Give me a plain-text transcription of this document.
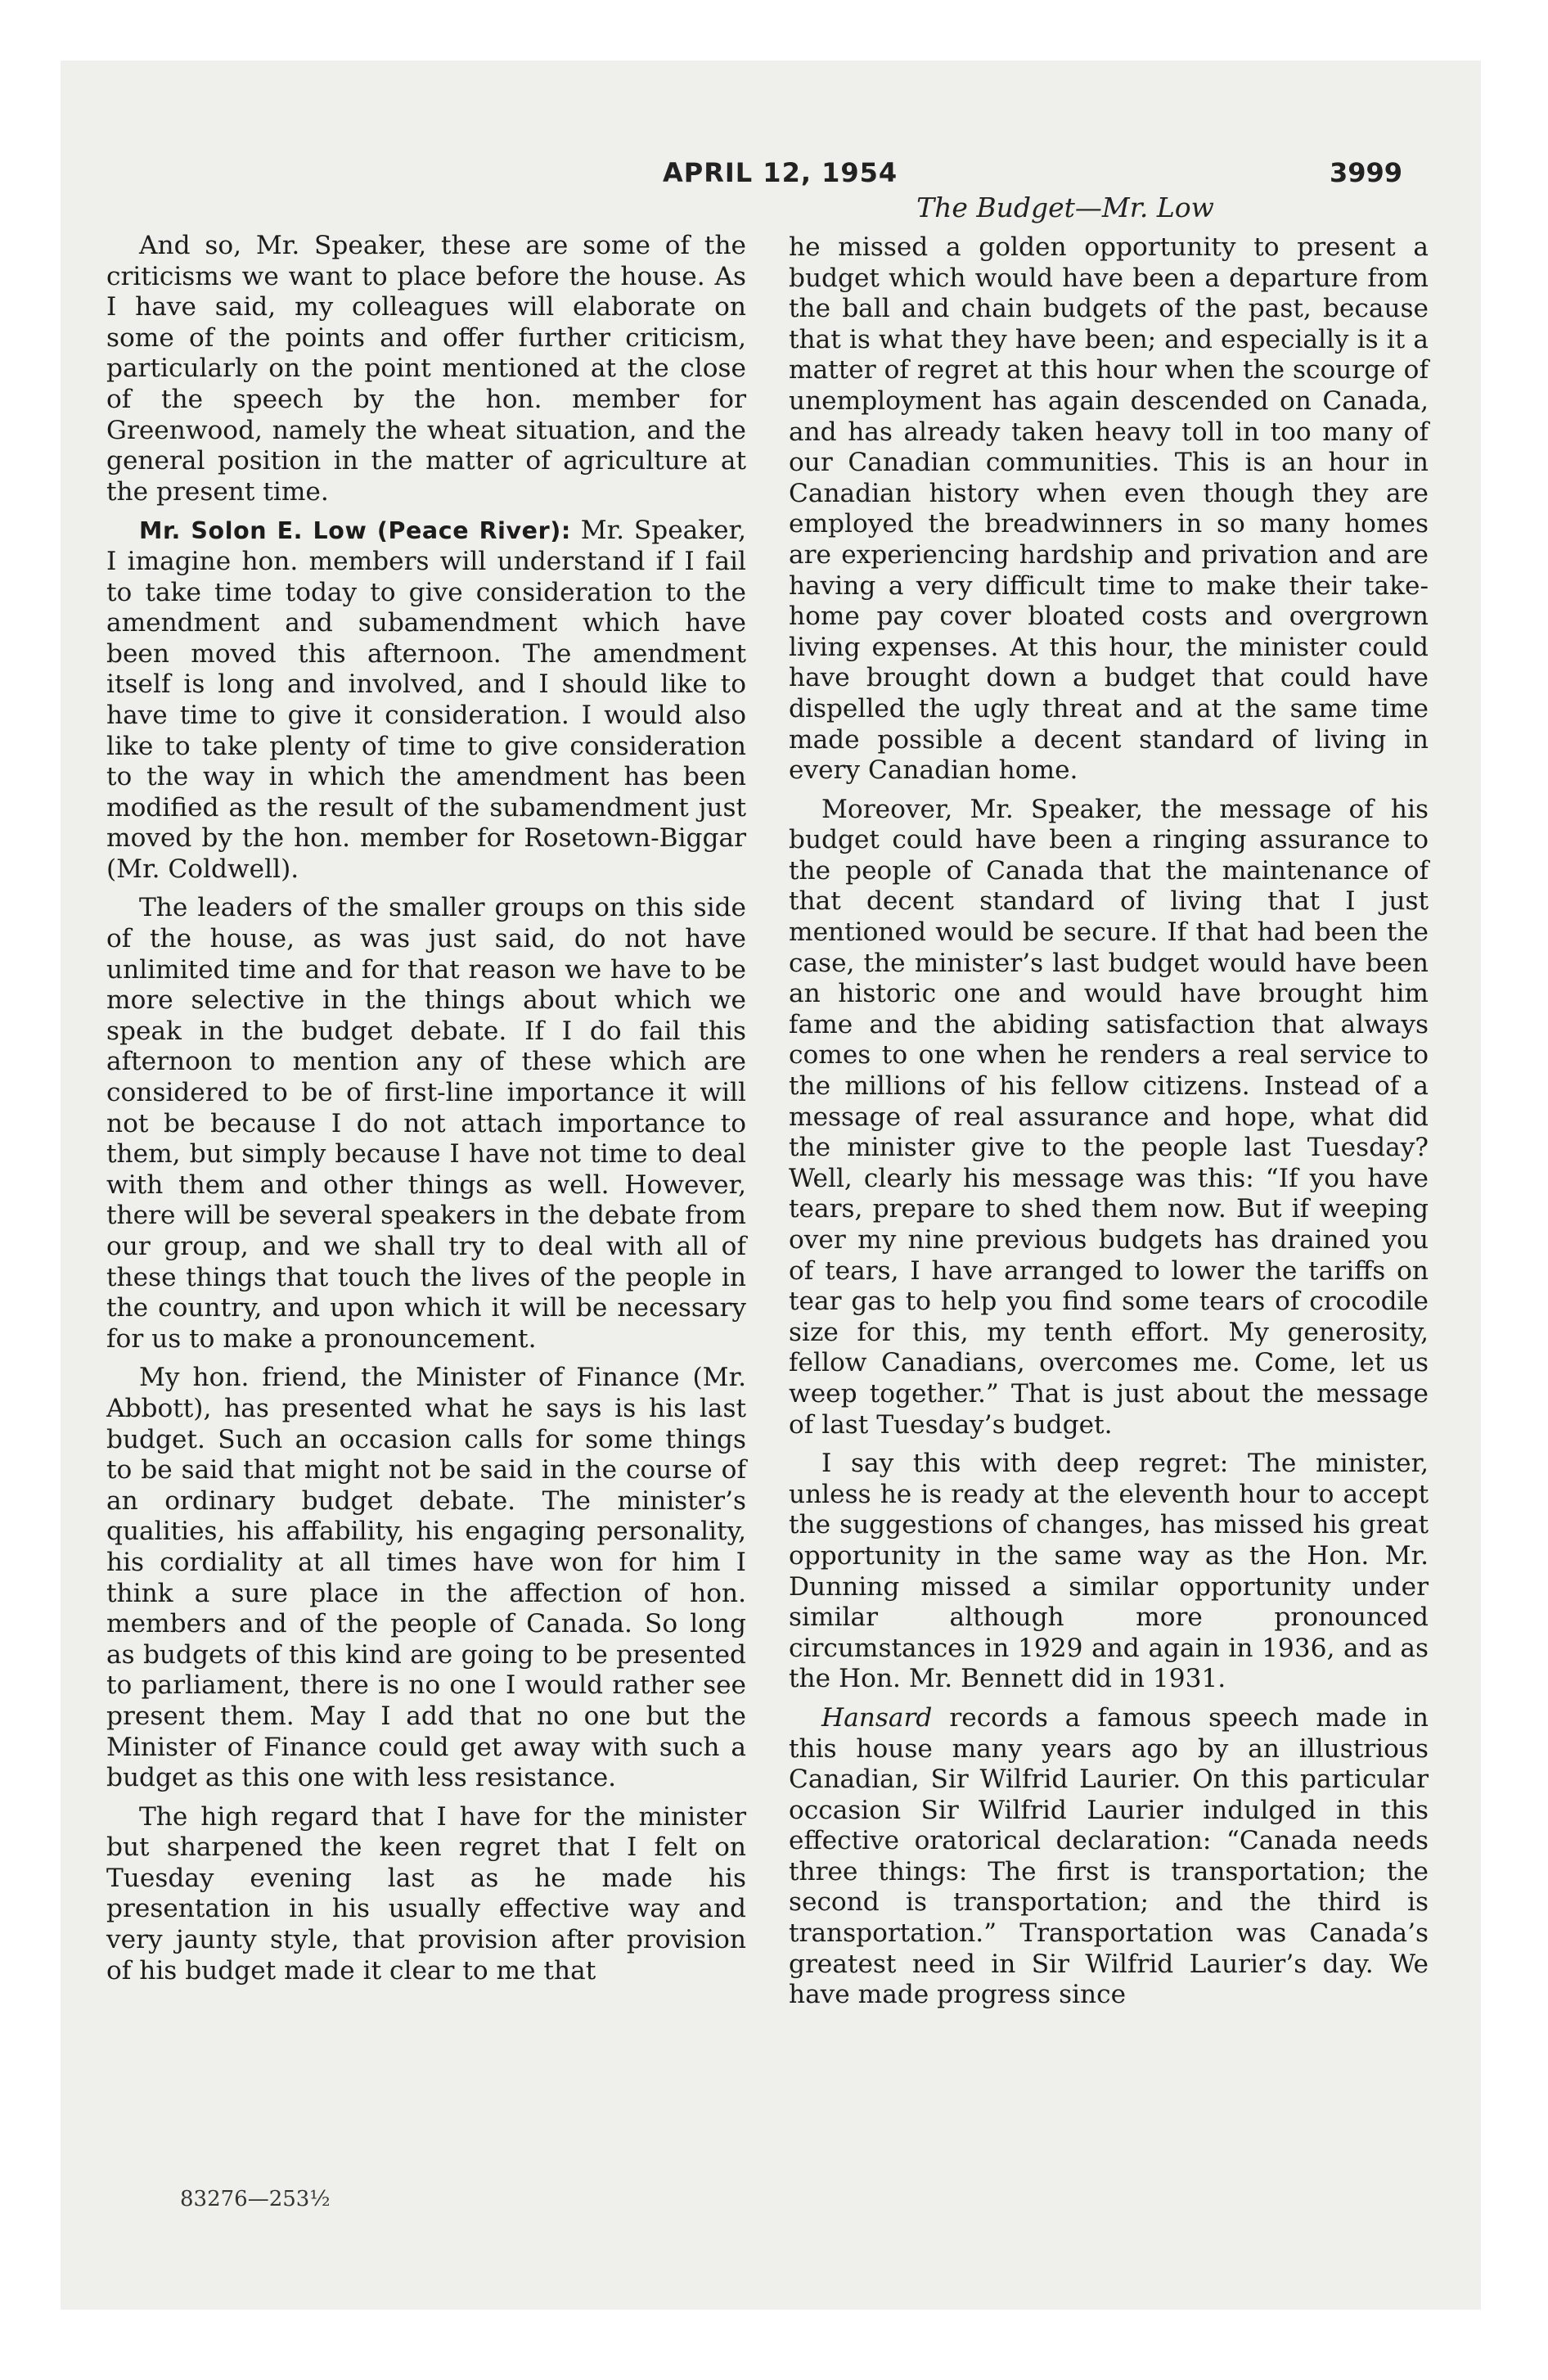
APRIL 12, 1954	3999
The Budget—Mr. Low

And so, Mr. Speaker, these are some of the criticisms we want to place before the house. As I have said, my colleagues will elaborate on some of the points and offer further criticism, particularly on the point mentioned at the close of the speech by the hon. member for Greenwood, namely the wheat situation, and the general position in the matter of agriculture at the present time.

Mr. Solon E. Low (Peace River): Mr. Speaker, I imagine hon. members will understand if I fail to take time today to give consideration to the amendment and subamendment which have been moved this afternoon. The amendment itself is long and involved, and I should like to have time to give it consideration. I would also like to take plenty of time to give consideration to the way in which the amendment has been modified as the result of the subamendment just moved by the hon. member for Rosetown-Biggar (Mr. Coldwell).

The leaders of the smaller groups on this side of the house, as was just said, do not have unlimited time and for that reason we have to be more selective in the things about which we speak in the budget debate. If I do fail this afternoon to mention any of these which are considered to be of first-line importance it will not be because I do not attach importance to them, but simply because I have not time to deal with them and other things as well. However, there will be several speakers in the debate from our group, and we shall try to deal with all of these things that touch the lives of the people in the country, and upon which it will be necessary for us to make a pronouncement.

My hon. friend, the Minister of Finance (Mr. Abbott), has presented what he says is his last budget. Such an occasion calls for some things to be said that might not be said in the course of an ordinary budget debate. The minister’s qualities, his affability, his engaging personality, his cordiality at all times have won for him I think a sure place in the affection of hon. members and of the people of Canada. So long as budgets of this kind are going to be presented to parliament, there is no one I would rather see present them. May I add that no one but the Minister of Finance could get away with such a budget as this one with less resistance.

The high regard that I have for the minister but sharpened the keen regret that I felt on Tuesday evening last as he made his presentation in his usually effective way and very jaunty style, that provision after provision of his budget made it clear to me that

he missed a golden opportunity to present a budget which would have been a departure from the ball and chain budgets of the past, because that is what they have been; and especially is it a matter of regret at this hour when the scourge of unemployment has again descended on Canada, and has already taken heavy toll in too many of our Canadian communities. This is an hour in Canadian history when even though they are employed the breadwinners in so many homes are experiencing hardship and privation and are having a very difficult time to make their take-home pay cover bloated costs and overgrown living expenses. At this hour, the minister could have brought down a budget that could have dispelled the ugly threat and at the same time made possible a decent standard of living in every Canadian home.

Moreover, Mr. Speaker, the message of his budget could have been a ringing assurance to the people of Canada that the maintenance of that decent standard of living that I just mentioned would be secure. If that had been the case, the minister’s last budget would have been an historic one and would have brought him fame and the abiding satisfaction that always comes to one when he renders a real service to the millions of his fellow citizens. Instead of a message of real assurance and hope, what did the minister give to the people last Tuesday? Well, clearly his message was this: “If you have tears, prepare to shed them now. But if weeping over my nine previous budgets has drained you of tears, I have arranged to lower the tariffs on tear gas to help you find some tears of crocodile size for this, my tenth effort. My generosity, fellow Canadians, overcomes me. Come, let us weep together.” That is just about the message of last Tuesday’s budget.

I say this with deep regret: The minister, unless he is ready at the eleventh hour to accept the suggestions of changes, has missed his great opportunity in the same way as the Hon. Mr. Dunning missed a similar opportunity under similar although more pronounced circumstances in 1929 and again in 1936, and as the Hon. Mr. Bennett did in 1931.

Hansard records a famous speech made in this house many years ago by an illustrious Canadian, Sir Wilfrid Laurier. On this particular occasion Sir Wilfrid Laurier indulged in this effective oratorical declaration: “Canada needs three things: The first is transportation; the second is transportation; and the third is transportation.” Transportation was Canada’s greatest need in Sir Wilfrid Laurier’s day. We have made progress since

83276—253½
